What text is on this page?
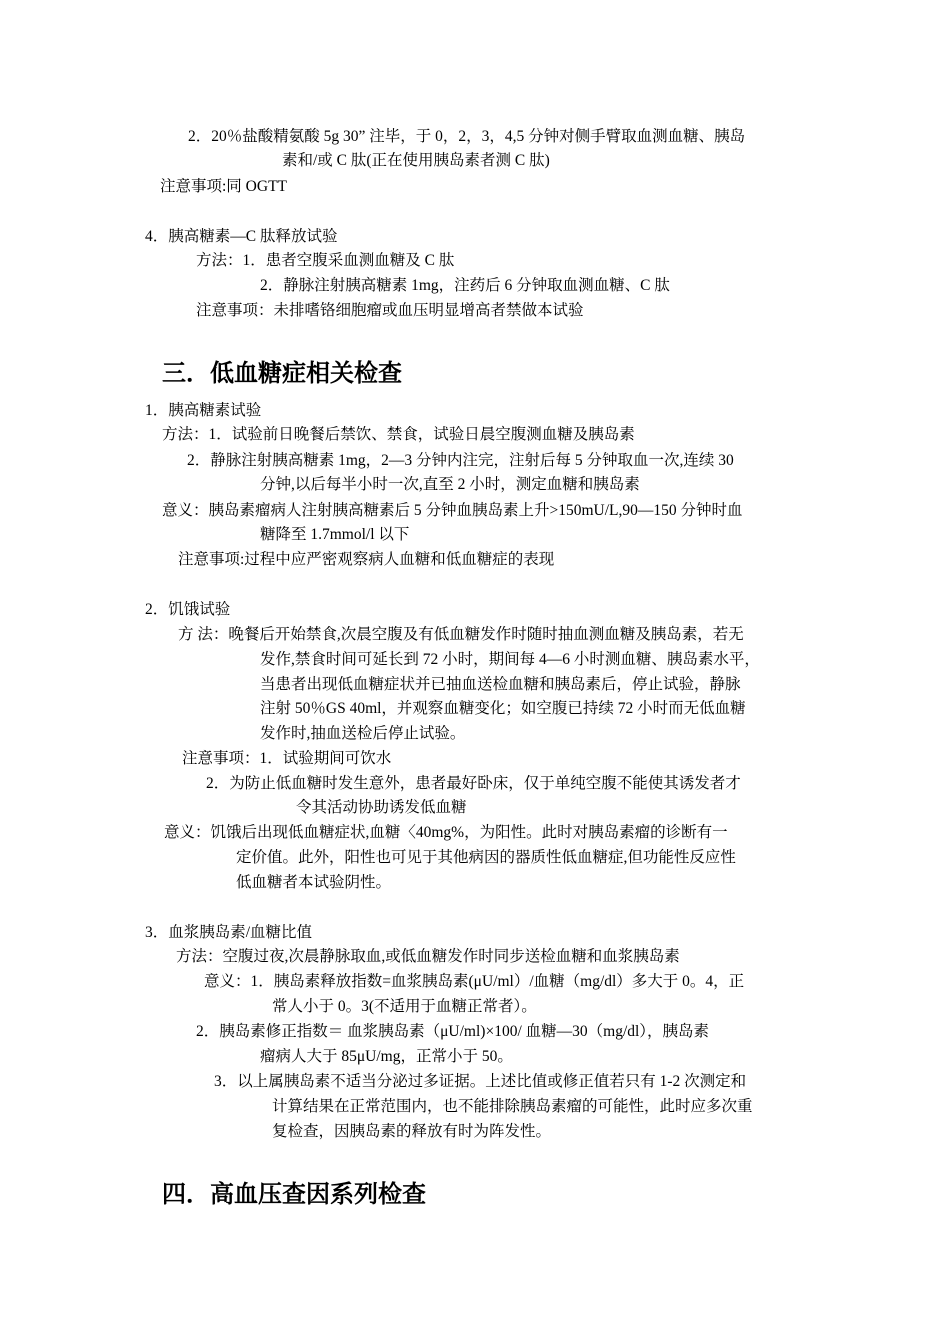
2．20％盐酸精氨酸 5g 30” 注毕，于 0，2，3，4,5 分钟对侧手臂取血测血糖、胰岛
素和/或 C 肽(正在使用胰岛素者测 C 肽)
注意事项:同 OGTT
4．胰高糖素—C 肽释放试验
方法：1．患者空腹采血测血糖及 C 肽
2．静脉注射胰高糖素 1mg，注药后 6 分钟取血测血糖、C 肽
注意事项：未排嗜铬细胞瘤或血压明显增高者禁做本试验
三．低血糖症相关检查
1．胰高糖素试验
方法：1．试验前日晚餐后禁饮、禁食，试验日晨空腹测血糖及胰岛素
2．静脉注射胰高糖素 1mg，2—3 分钟内注完，注射后每 5 分钟取血一次,连续 30
分钟,以后每半小时一次,直至 2 小时，测定血糖和胰岛素
意义：胰岛素瘤病人注射胰高糖素后 5 分钟血胰岛素上升>150mU/L,90—150 分钟时血
糖降至 1.7mmol/l 以下
注意事项:过程中应严密观察病人血糖和低血糖症的表现
2．饥饿试验
方 法：晚餐后开始禁食,次晨空腹及有低血糖发作时随时抽血测血糖及胰岛素，若无
发作,禁食时间可延长到 72 小时，期间每 4—6 小时测血糖、胰岛素水平，
当患者出现低血糖症状并已抽血送检血糖和胰岛素后，停止试验，静脉
注射 50％GS 40ml，并观察血糖变化；如空腹已持续 72 小时而无低血糖
发作时,抽血送检后停止试验。
注意事项：1．试验期间可饮水
2．为防止低血糖时发生意外，患者最好卧床，仅于单纯空腹不能使其诱发者才
令其活动协助诱发低血糖
意义：饥饿后出现低血糖症状,血糖〈40mg%，为阳性。此时对胰岛素瘤的诊断有一
定价值。此外，阳性也可见于其他病因的器质性低血糖症,但功能性反应性
低血糖者本试验阴性。
3．血浆胰岛素/血糖比值
方法：空腹过夜,次晨静脉取血,或低血糖发作时同步送检血糖和血浆胰岛素
意义：1．胰岛素释放指数=血浆胰岛素(μU/ml）/血糖（mg/dl）多大于 0。4，正
常人小于 0。3(不适用于血糖正常者）。
2．胰岛素修正指数＝ 血浆胰岛素（μU/ml)×100/ 血糖—30（mg/dl），胰岛素
瘤病人大于 85μU/mg，正常小于 50。
3．以上属胰岛素不适当分泌过多证据。上述比值或修正值若只有 1-2 次测定和
计算结果在正常范围内，也不能排除胰岛素瘤的可能性，此时应多次重
复检查，因胰岛素的释放有时为阵发性。
四．高血压查因系列检查
